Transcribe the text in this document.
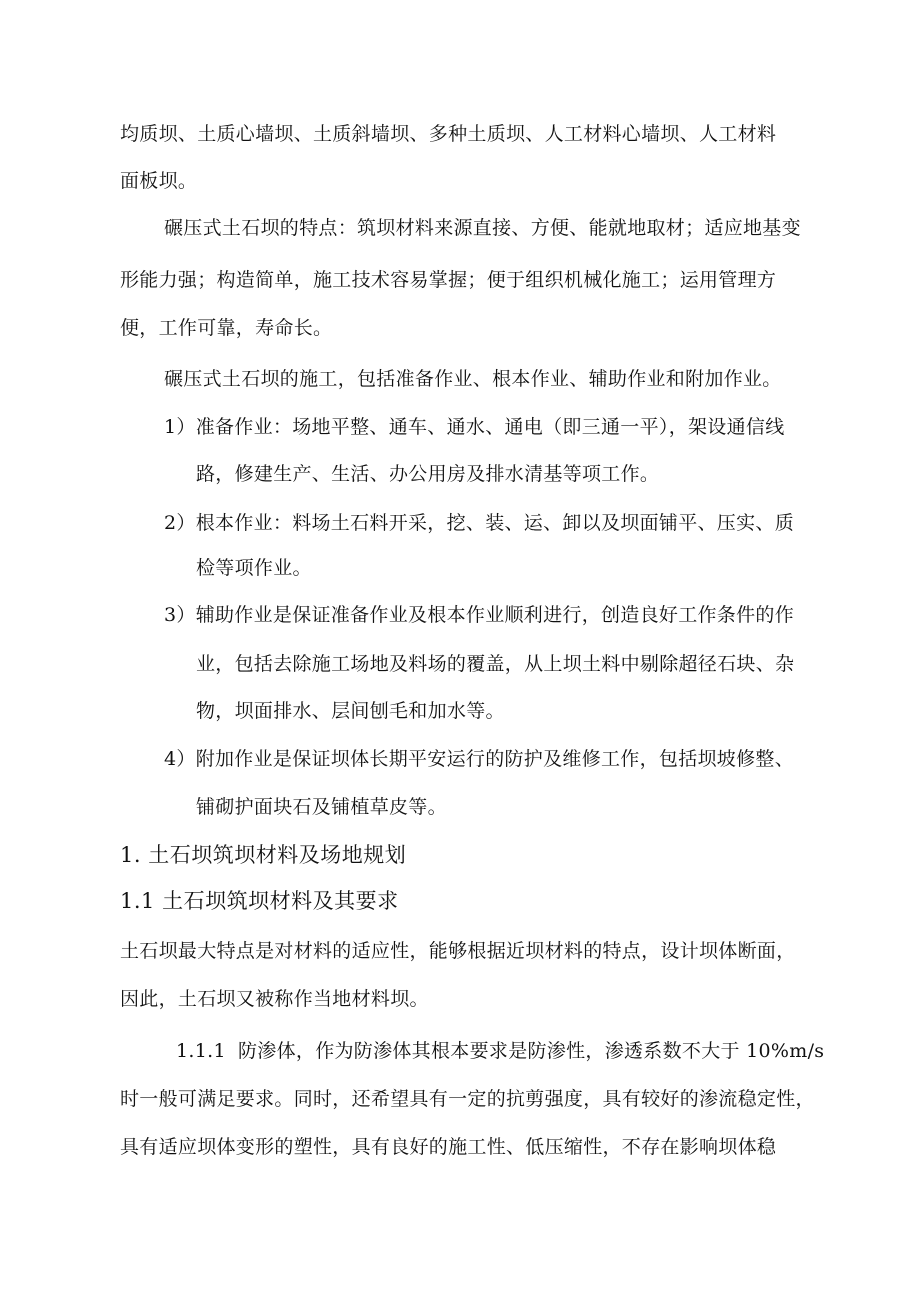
均质坝、土质心墙坝、土质斜墙坝、多种土质坝、人工材料心墙坝、人工材料
面板坝。
碾压式土石坝的特点：筑坝材料来源直接、方便、能就地取材；适应地基变
形能力强；构造简单，施工技术容易掌握；便于组织机械化施工；运用管理方
便，工作可靠，寿命长。
碾压式土石坝的施工，包括准备作业、根本作业、辅助作业和附加作业。
1）准备作业：场地平整、通车、通水、通电（即三通一平），架设通信线
路，修建生产、生活、办公用房及排水清基等项工作。
2）根本作业：料场土石料开采，挖、装、运、卸以及坝面铺平、压实、质
检等项作业。
3）辅助作业是保证准备作业及根本作业顺利进行，创造良好工作条件的作
业，包括去除施工场地及料场的覆盖，从上坝土料中剔除超径石块、杂
物，坝面排水、层间刨毛和加水等。
4）附加作业是保证坝体长期平安运行的防护及维修工作，包括坝坡修整、
铺砌护面块石及铺植草皮等。
1. 土石坝筑坝材料及场地规划
1.1 土石坝筑坝材料及其要求
土石坝最大特点是对材料的适应性，能够根据近坝材料的特点，设计坝体断面，
因此，土石坝又被称作当地材料坝。
1.1.1 防渗体，作为防渗体其根本要求是防渗性，渗透系数不大于 10%m/s
时一般可满足要求。同时，还希望具有一定的抗剪强度，具有较好的渗流稳定性，
具有适应坝体变形的塑性，具有良好的施工性、低压缩性，不存在影响坝体稳
